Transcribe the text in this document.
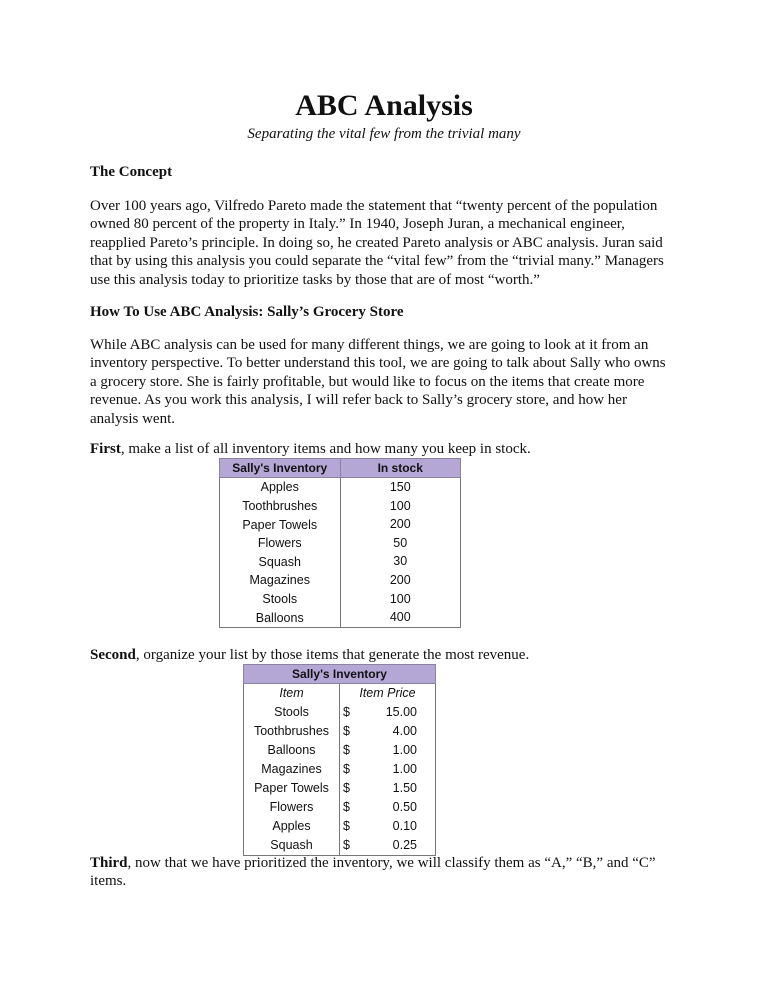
ABC Analysis
Separating the vital few from the trivial many
The Concept
Over 100 years ago, Vilfredo Pareto made the statement that “twenty percent of the population
owned 80 percent of the property in Italy.” In 1940, Joseph Juran, a mechanical engineer,
reapplied Pareto’s principle. In doing so, he created Pareto analysis or ABC analysis. Juran said
that by using this analysis you could separate the “vital few” from the “trivial many.” Managers
use this analysis today to prioritize tasks by those that are of most “worth.”
How To Use ABC Analysis: Sally’s Grocery Store
While ABC analysis can be used for many different things, we are going to look at it from an
inventory perspective. To better understand this tool, we are going to talk about Sally who owns
a grocery store. She is fairly profitable, but would like to focus on the items that create more
revenue. As you work this analysis, I will refer back to Sally’s grocery store, and how her
analysis went.

First, make a list of all inventory items and how many you keep in stock.

Sally's Inventory	In stock
Apples	150
Toothbrushes	100
Paper Towels	200
Flowers	50
Squash	30
Magazines	200
Stools	100
Balloons	400

Second, organize your list by those items that generate the most revenue.

Sally's Inventory	
Item	Item Price
Stools	$ 15.00

Toothbrushes	$ 4.00

Balloons	$ 1.00

Magazines	$ 1.00

Paper Towels	$ 1.50

Flowers	$ 0.50

Apples	$ 0.10

Squash	$ 0.25

Third, now that we have prioritized the inventory, we will classify them as “A,” “B,” and “C”
items.
